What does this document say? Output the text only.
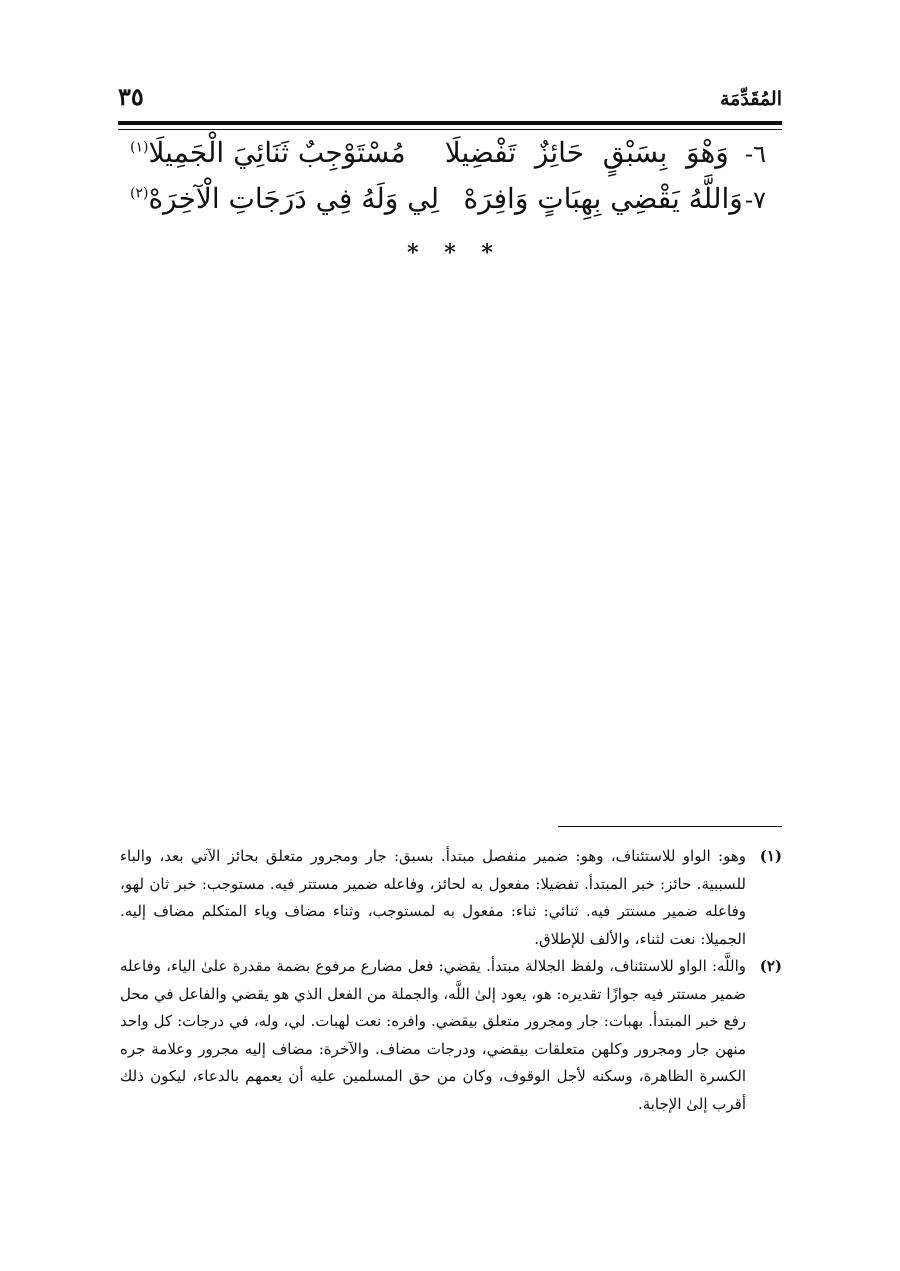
المُقَدِّمَة
٣٥
٦-
وَهْوَ بِسَبْقٍ حَائِزٌ تَفْضِيلَا
مُسْتَوْجِبٌ ثَنَائِيَ الْجَمِيلَا$^{(١)}$
٧-
وَاللَّهُ يَقْضِي بِهِبَاتٍ وَافِرَهْ
لِي وَلَهُ فِي دَرَجَاتِ الْآخِرَهْ$^{(٢)}$
* * *
(١)
وهو: الواو للاستئناف، وهو: ضمير منفصل مبتدأ. بسبق: جار ومجرور متعلق بحائز الآتي بعد، والباء للسببية. حائز: خبر المبتدأ. تفضيلا: مفعول به لحائز، وفاعله ضمير مستتر فيه. مستوجب: خبر ثان لهو، وفاعله ضمير مستتر فيه. ثنائي: ثناء: مفعول به لمستوجب، وثناء مضاف وياء المتكلم مضاف إليه. الجميلا: نعت لثناء، والألف للإطلاق.
(٢)
واللَّه: الواو للاستئناف، ولفظ الجلالة مبتدأ. يقضي: فعل مضارع مرفوع بضمة مقدرة علىٰ الياء، وفاعله ضمير مستتر فيه جوازًا تقديره: هو، يعود إلىٰ اللَّه، والجملة من الفعل الذي هو يقضي والفاعل في محل رفع خبر المبتدأ. بهبات: جار ومجرور متعلق بيقضي. وافره: نعت لهبات. لي، وله، في درجات: كل واحد منهن جار ومجرور وكلهن متعلقات بيقضي، ودرجات مضاف. والآخرة: مضاف إليه مجرور وعلامة جره الكسرة الظاهرة، وسكنه لأجل الوقوف، وكان من حق المسلمين عليه أن يعمهم بالدعاء، ليكون ذلك أقرب إلىٰ الإجابة.
